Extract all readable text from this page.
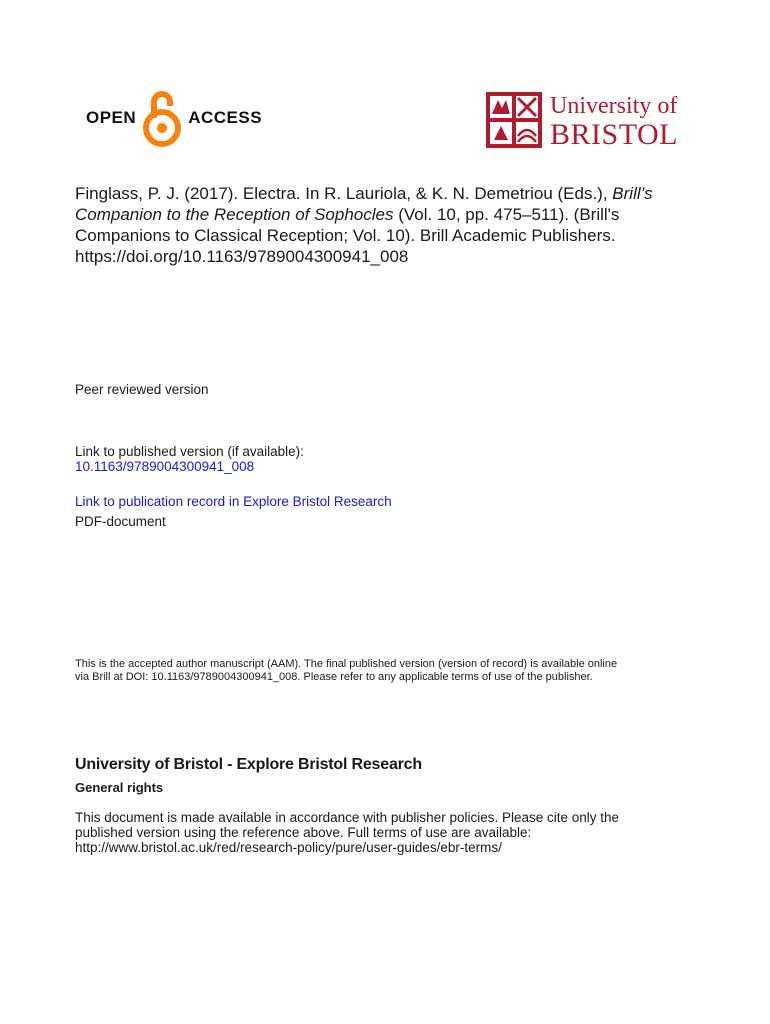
OPEN	ACCESS	University of
BRISTOL
Finglass, P. J. (2017). Electra. In R. Lauriola, & K. N. Demetriou (Eds.), Brill’s Companion to the Reception of Sophocles (Vol. 10, pp. 475–511). (Brill's Companions to Classical Reception; Vol. 10). Brill Academic Publishers. https://doi.org/10.1163/9789004300941_008
Peer reviewed version
Link to published version (if available):
10.1163/9789004300941_008
Link to publication record in Explore Bristol Research
PDF-document
This is the accepted author manuscript (AAM). The final published version (version of record) is available online
via Brill at DOI: 10.1163/9789004300941_008. Please refer to any applicable terms of use of the publisher.
University of Bristol - Explore Bristol Research
General rights
This document is made available in accordance with publisher policies. Please cite only the
published version using the reference above. Full terms of use are available:
http://www.bristol.ac.uk/red/research-policy/pure/user-guides/ebr-terms/
